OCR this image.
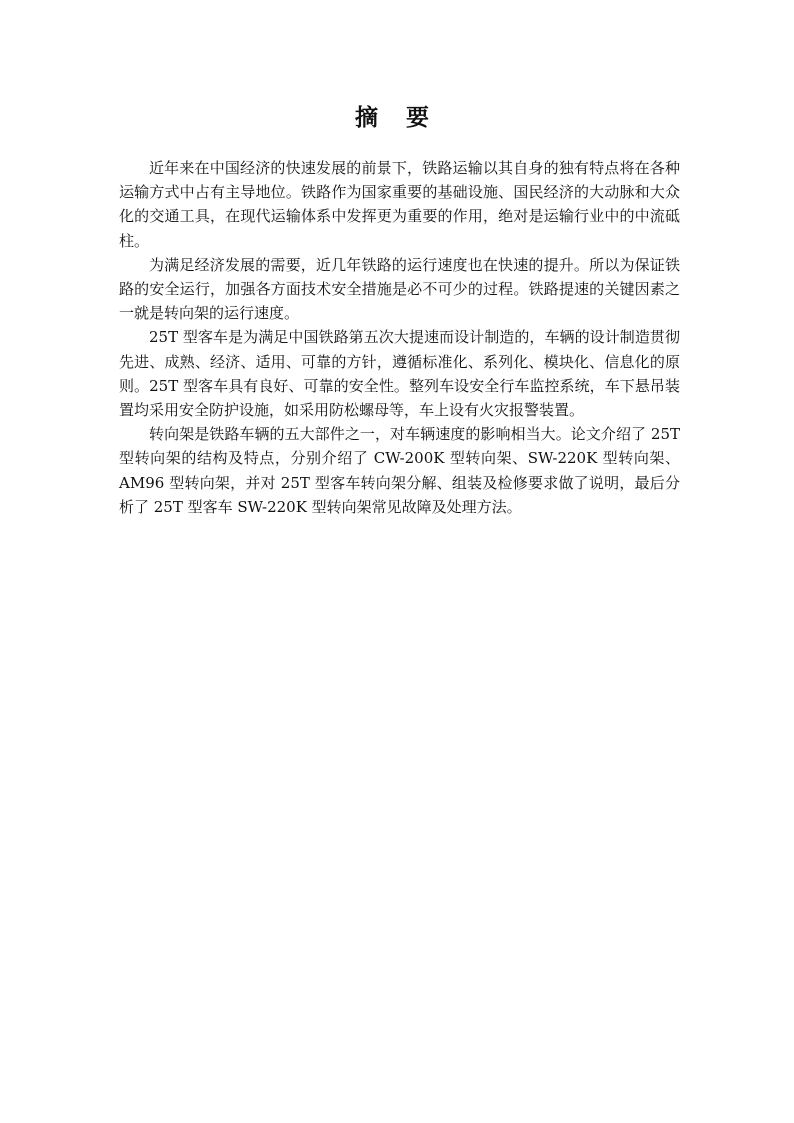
摘 要

近年来在中国经济的快速发展的前景下，铁路运输以其自身的独有特点将在各种运输方式中占有主导地位。铁路作为国家重要的基础设施、国民经济的大动脉和大众化的交通工具，在现代运输体系中发挥更为重要的作用，绝对是运输行业中的中流砥柱。

为满足经济发展的需要，近几年铁路的运行速度也在快速的提升。所以为保证铁路的安全运行，加强各方面技术安全措施是必不可少的过程。铁路提速的关键因素之一就是转向架的运行速度。

25T 型客车是为满足中国铁路第五次大提速而设计制造的，车辆的设计制造贯彻先进、成熟、经济、适用、可靠的方针，遵循标准化、系列化、模块化、信息化的原则。25T 型客车具有良好、可靠的安全性。整列车设安全行车监控系统，车下悬吊装置均采用安全防护设施，如采用防松螺母等，车上设有火灾报警装置。

转向架是铁路车辆的五大部件之一，对车辆速度的影响相当大。论文介绍了 25T 型转向架的结构及特点，分别介绍了 CW-200K 型转向架、SW-220K 型转向架、AM96 型转向架，并对 25T 型客车转向架分解、组装及检修要求做了说明，最后分析了 25T 型客车 SW-220K 型转向架常见故障及处理方法。
